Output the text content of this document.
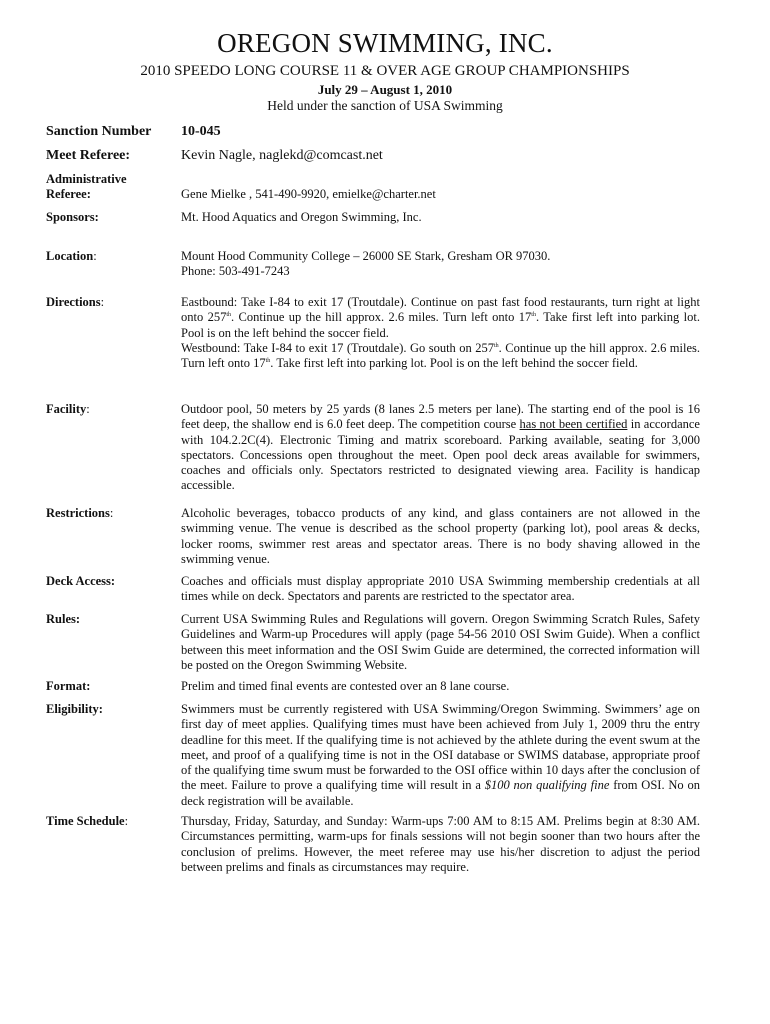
OREGON SWIMMING, INC.
2010 SPEEDO LONG COURSE 11 & OVER AGE GROUP CHAMPIONSHIPS
July 29 – August 1, 2010
Held under the sanction of USA Swimming
Sanction Number	10-045
Meet Referee:	Kevin Nagle, naglekd@comcast.net
Administrative
Referee:	Gene Mielke , 541-490-9920, emielke@charter.net
Sponsors:	Mt. Hood Aquatics and Oregon Swimming, Inc.
Location:	Mount Hood Community College – 26000 SE Stark, Gresham OR 97030.

Phone: 503-491-7243

Directions:	Eastbound: Take I-84 to exit 17 (Troutdale). Continue on past fast food restaurants, turn right at light onto 257th. Continue up the hill approx. 2.6 miles. Turn left onto 17th. Take first left into parking lot. Pool is on the left behind the soccer field.

Westbound: Take I-84 to exit 17 (Troutdale). Go south on 257th. Continue up the hill approx. 2.6 miles. Turn left onto 17th. Take first left into parking lot. Pool is on the left behind the soccer field.

Facility:	Outdoor pool, 50 meters by 25 yards (8 lanes 2.5 meters per lane). The starting end of the pool is 16 feet deep, the shallow end is 6.0 feet deep. The competition course has not been certified in accordance with 104.2.2C(4). Electronic Timing and matrix scoreboard. Parking available, seating for 3,000 spectators. Concessions open throughout the meet. Open pool deck areas available for swimmers, coaches and officials only. Spectators restricted to designated viewing area. Facility is handicap accessible.
Restrictions:	Alcoholic beverages, tobacco products of any kind, and glass containers are not allowed in the swimming venue. The venue is described as the school property (parking lot), pool areas & decks, locker rooms, swimmer rest areas and spectator areas. There is no body shaving allowed in the swimming venue.
Deck Access:	Coaches and officials must display appropriate 2010 USA Swimming membership credentials at all times while on deck. Spectators and parents are restricted to the spectator area.
Rules:	Current USA Swimming Rules and Regulations will govern. Oregon Swimming Scratch Rules, Safety Guidelines and Warm-up Procedures will apply (page 54-56 2010 OSI Swim Guide). When a conflict between this meet information and the OSI Swim Guide are determined, the corrected information will be posted on the Oregon Swimming Website.
Format:	Prelim and timed final events are contested over an 8 lane course.
Eligibility:	Swimmers must be currently registered with USA Swimming/Oregon Swimming. Swimmers’ age on first day of meet applies. Qualifying times must have been achieved from July 1, 2009 thru the entry deadline for this meet. If the qualifying time is not achieved by the athlete during the event swum at the meet, and proof of a qualifying time is not in the OSI database or SWIMS database, appropriate proof of the qualifying time swum must be forwarded to the OSI office within 10 days after the conclusion of the meet. Failure to prove a qualifying time will result in a $100 non qualifying fine from OSI. No on deck registration will be available.
Time Schedule:	Thursday, Friday, Saturday, and Sunday: Warm-ups 7:00 AM to 8:15 AM. Prelims begin at 8:30 AM. Circumstances permitting, warm-ups for finals sessions will not begin sooner than two hours after the conclusion of prelims. However, the meet referee may use his/her discretion to adjust the period between prelims and finals as circumstances may require.
